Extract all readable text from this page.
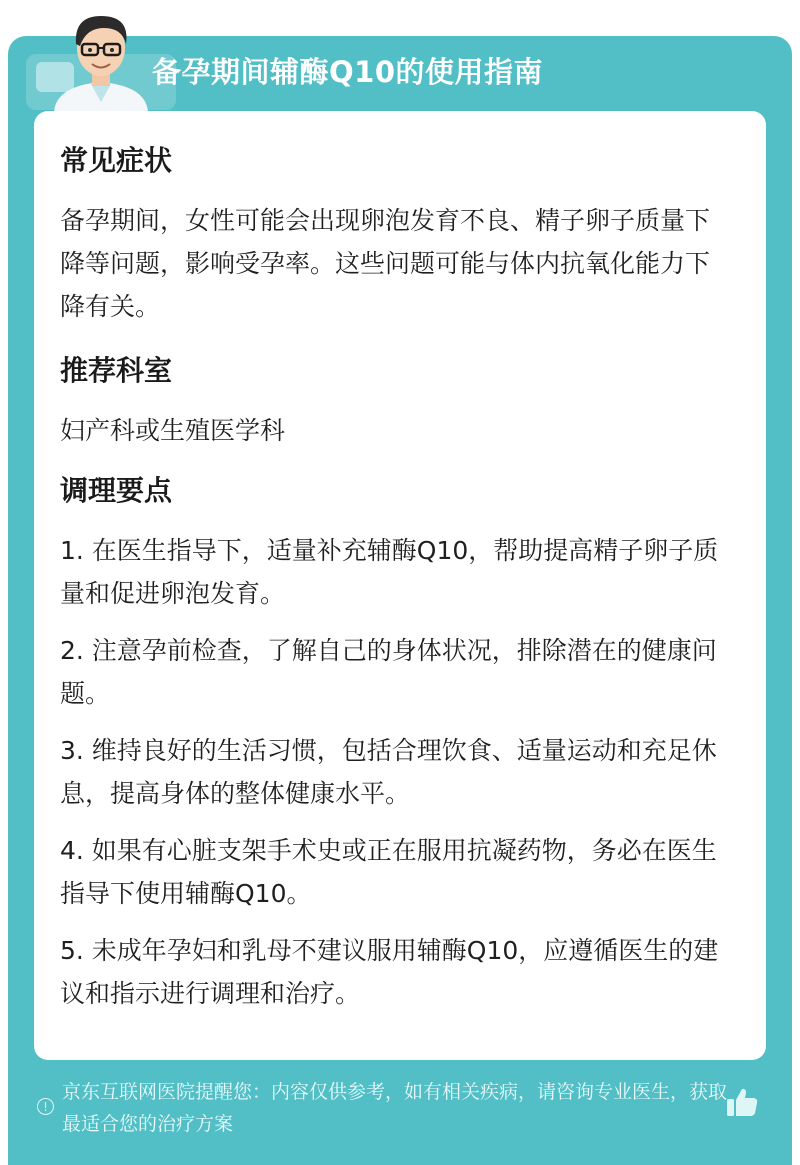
备孕期间辅酶Q10的使用指南
常见症状

备孕期间，女性可能会出现卵泡发育不良、精子卵子质量下降等问题，影响受孕率。这些问题可能与体内抗氧化能力下降有关。

推荐科室

妇产科或生殖医学科

调理要点

1. 在医生指导下，适量补充辅酶Q10，帮助提高精子卵子质量和促进卵泡发育。

2. 注意孕前检查，了解自己的身体状况，排除潜在的健康问题。

3. 维持良好的生活习惯，包括合理饮食、适量运动和充足休息，提高身体的整体健康水平。

4. 如果有心脏支架手术史或正在服用抗凝药物，务必在医生指导下使用辅酶Q10。

5. 未成年孕妇和乳母不建议服用辅酶Q10，应遵循医生的建议和指示进行调理和治疗。

!
京东互联网医院提醒您：内容仅供参考，如有相关疾病，请咨询专业医生，获取最适合您的治疗方案
